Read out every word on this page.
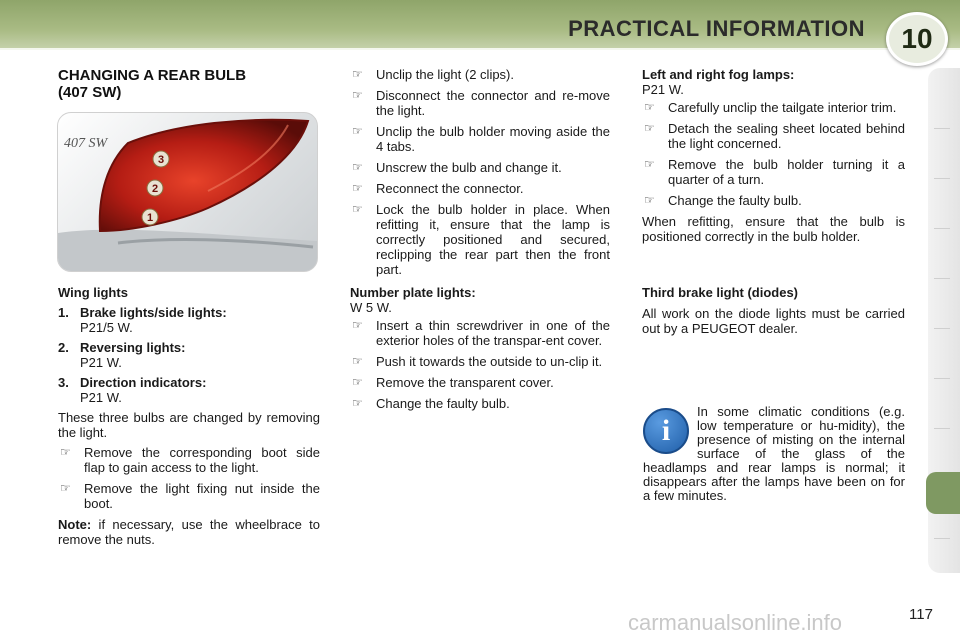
PRACTICAL INFORMATION	10

CHANGING A REAR BULB

(407 SW)

407 SW
3
2
1

Wing lights

1. Brake lights/side lights:
P21/5 W.
2. Reversing lights:
P21 W.
3. Direction indicators:
P21 W.

These three bulbs are changed by removing the light.

☞	Remove the corresponding boot side flap to gain access to the light.
☞	Remove the light fixing nut inside the boot.

Note: if necessary, use the wheelbrace to remove the nuts.

☞	Unclip the light (2 clips).
☞	Disconnect the connector and re-move the light.
☞	Unclip the bulb holder moving aside the 4 tabs.
☞	Unscrew the bulb and change it.
☞	Reconnect the connector.
☞	Lock the bulb holder in place. When refitting it, ensure that the lamp is correctly positioned and secured, reclipping the rear part then the front part.

Number plate lights:

W 5 W.

☞	Insert a thin screwdriver in one of the exterior holes of the transpar-ent cover.
☞	Push it towards the outside to un-clip it.
☞	Remove the transparent cover.
☞	Change the faulty bulb.

Left and right fog lamps:

P21 W.

☞	Carefully unclip the tailgate interior trim.
☞	Detach the sealing sheet located behind the light concerned.
☞	Remove the bulb holder turning it a quarter of a turn.
☞	Change the faulty bulb.

When refitting, ensure that the bulb is positioned correctly in the bulb holder.

Third brake light (diodes)

All work on the diode lights must be carried out by a PEUGEOT dealer.

In some climatic conditions (e.g. low temperature or hu-midity), the presence of misting on the internal surface of the glass of the headlamps and rear lamps is normal; it disappears after the lamps have been on for a few minutes.
i
carmanualsonline.info	117
